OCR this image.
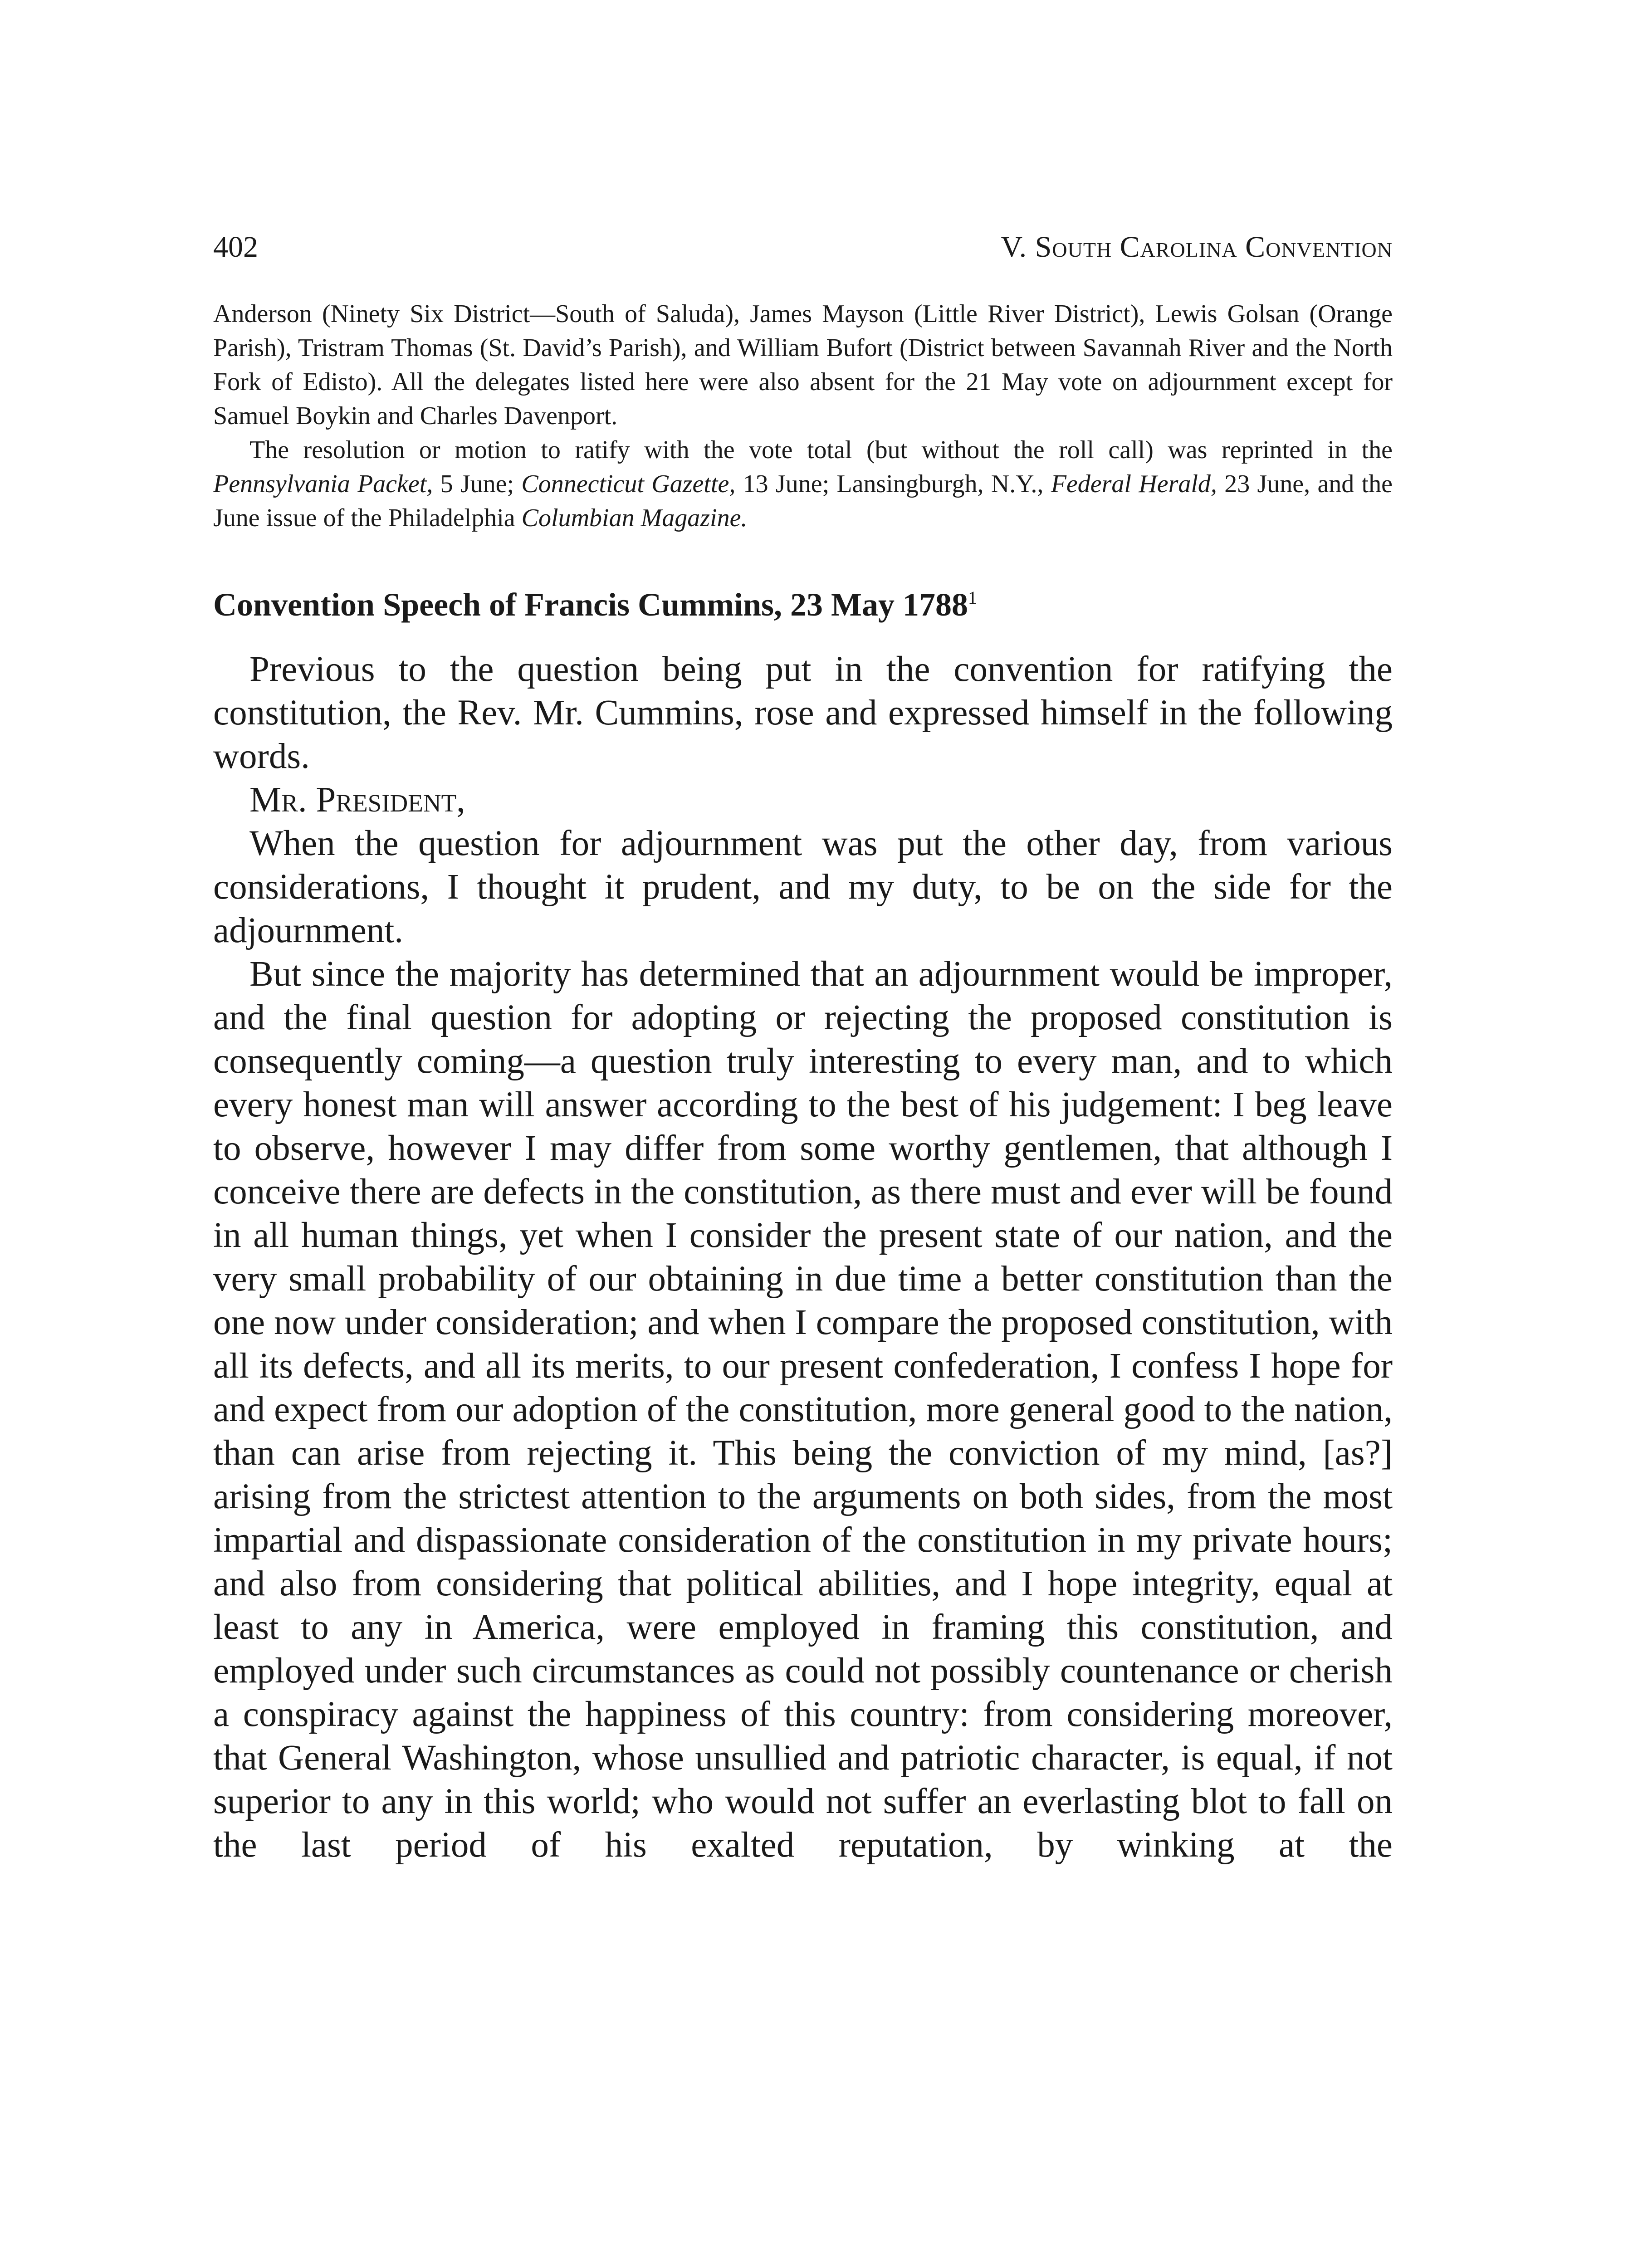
402	V. South Carolina Convention

Anderson (Ninety Six District—South of Saluda), James Mayson (Little River District), Lewis Golsan (Orange Parish), Tristram Thomas (St. David’s Parish), and William Bufort (District between Savannah River and the North Fork of Edisto). All the delegates listed here were also absent for the 21 May vote on adjournment except for Samuel Boykin and Charles Davenport.

The resolution or motion to ratify with the vote total (but without the roll call) was reprinted in the Pennsylvania Packet, 5 June; Connecticut Gazette, 13 June; Lansingburgh, N.Y., Federal Herald, 23 June, and the June issue of the Philadelphia Columbian Magazine.

Convention Speech of Francis Cummins, 23 May 1788$^1$

Previous to the question being put in the convention for ratifying the constitution, the Rev. Mr. Cummins, rose and expressed himself in the following words.

Mr. President,

When the question for adjournment was put the other day, from various considerations, I thought it prudent, and my duty, to be on the side for the adjournment.

But since the majority has determined that an adjournment would be improper, and the final question for adopting or rejecting the proposed constitution is consequently coming—a question truly interesting to every man, and to which every honest man will answer according to the best of his judgement: I beg leave to observe, however I may differ from some worthy gentlemen, that although I conceive there are defects in the constitution, as there must and ever will be found in all human things, yet when I consider the present state of our nation, and the very small probability of our obtaining in due time a better constitution than the one now under consideration; and when I compare the proposed constitution, with all its defects, and all its merits, to our present confederation, I confess I hope for and expect from our adoption of the constitution, more general good to the nation, than can arise from rejecting it. This being the conviction of my mind, [as?] arising from the strictest attention to the arguments on both sides, from the most impartial and dispassionate consideration of the constitution in my private hours; and also from considering that political abilities, and I hope integrity, equal at least to any in America, were employed in framing this constitution, and employed under such circumstances as could not possibly countenance or cherish a conspiracy against the happiness of this country: from considering moreover, that General Washington, whose unsullied and patriotic character, is equal, if not superior to any in this world; who would not suffer an everlasting blot to fall on the last period of his exalted reputation, by winking at the
